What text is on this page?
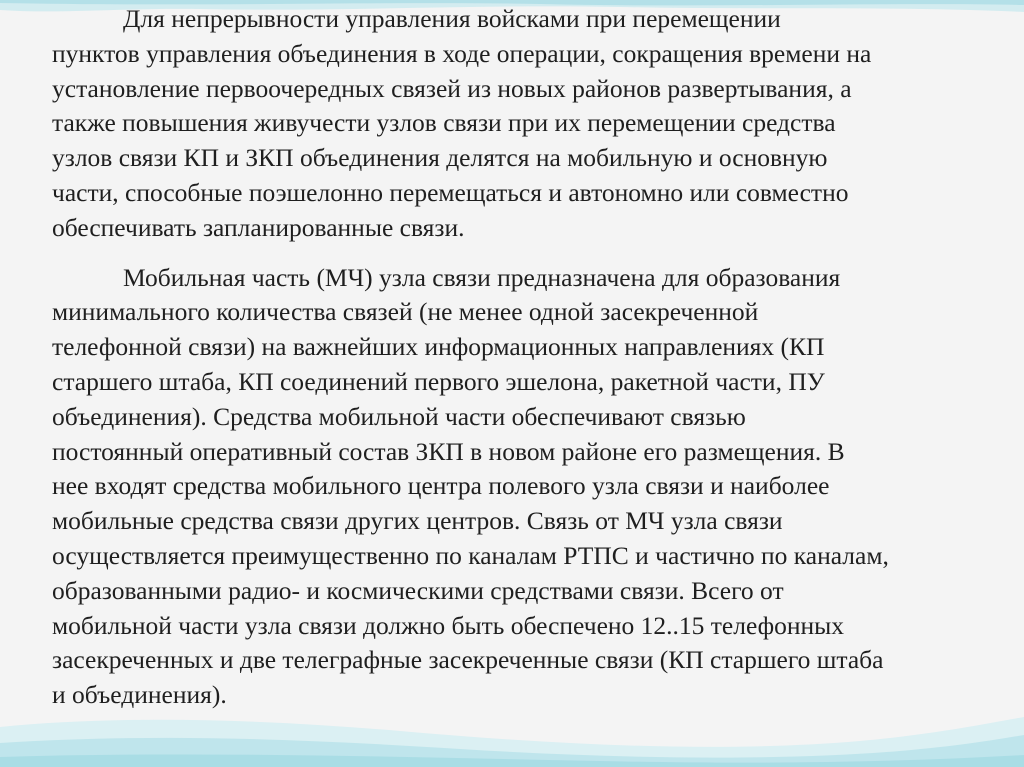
Для непрерывности управления войсками при перемещении
пунктов управления объединения в ходе операции, сокращения времени на
установление первоочередных связей из новых районов развертывания, а
также повышения живучести узлов связи при их перемещении средства
узлов связи КП и ЗКП объединения делятся на мобильную и основную
части, способные поэшелонно перемещаться и автономно или совместно
обеспечивать запланированные связи.

Мобильная часть (МЧ) узла связи предназначена для образования
минимального количества связей (не менее одной засекреченной
телефонной связи) на важнейших информационных направлениях (КП
старшего штаба, КП соединений первого эшелона, ракетной части, ПУ
объединения). Средства мобильной части обеспечивают связью
постоянный оперативный состав ЗКП в новом районе его размещения. В
нее входят средства мобильного центра полевого узла связи и наиболее
мобильные средства связи других центров. Связь от МЧ узла связи
осуществляется преимущественно по каналам РТПС и частично по каналам,
образованными радио- и космическими средствами связи. Всего от
мобильной части узла связи должно быть обеспечено 12..15 телефонных
засекреченных и две телеграфные засекреченные связи (КП старшего штаба
и объединения).
